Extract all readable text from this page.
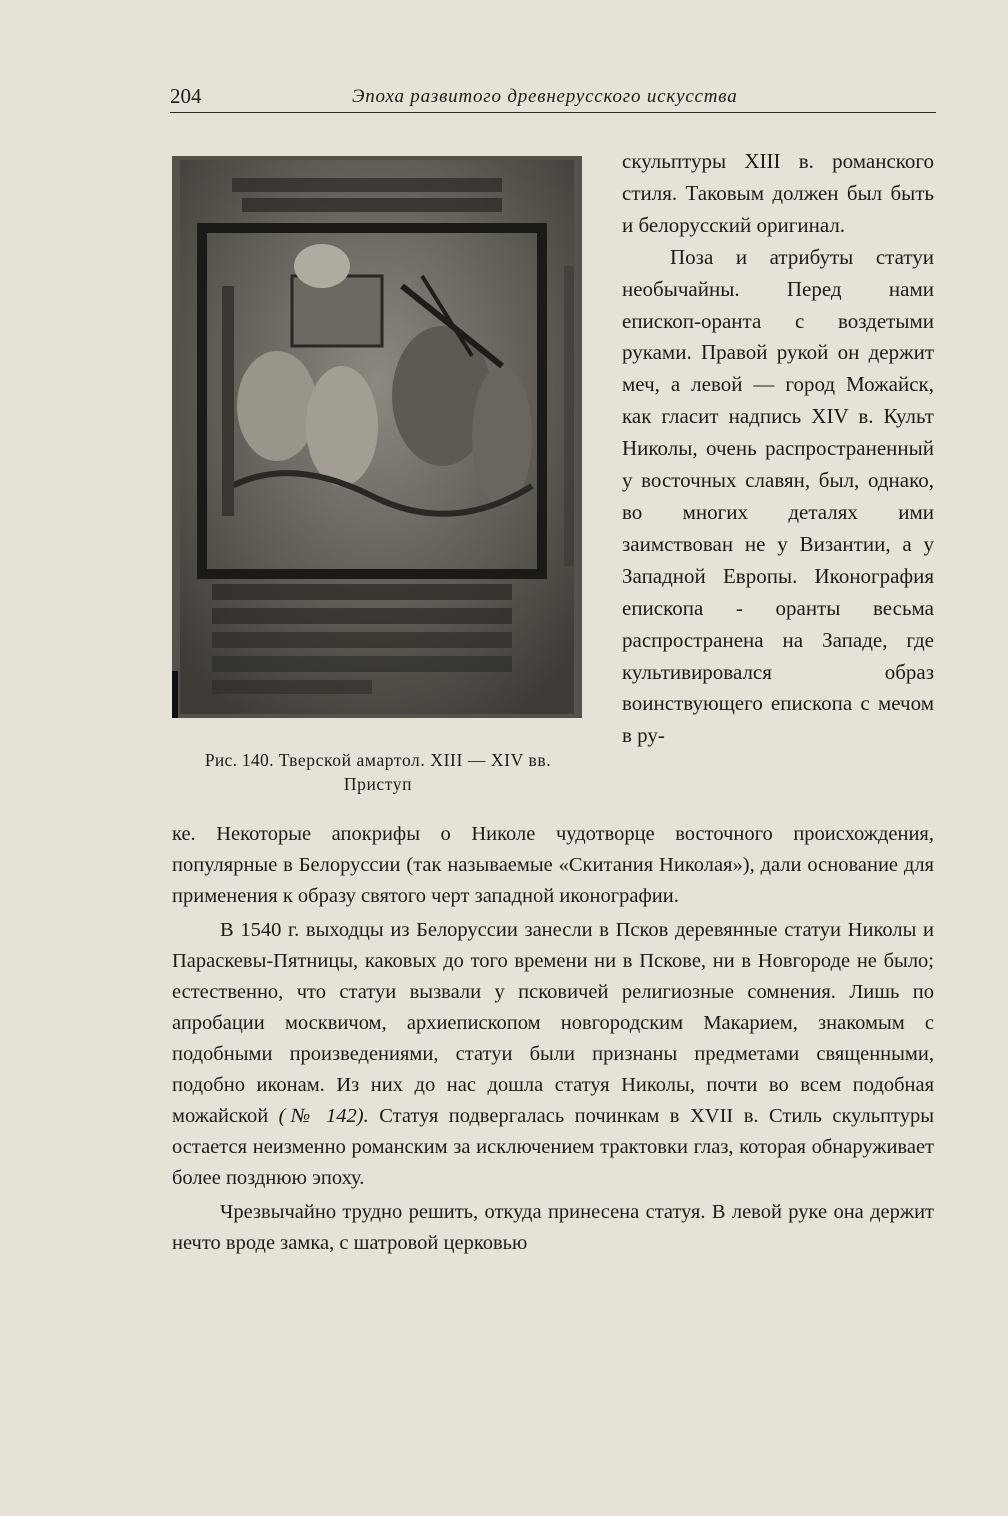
204	Эпоха развитого древнерусского искусства
Рис. 140. Тверской амартол. XIII — XIV вв.
Приступ

скульптуры XIII в. романского стиля. Таковым должен был быть и белорусский оригинал.

Поза и атрибуты статуи необычайны. Перед нами епископ-оранта с воздетыми руками. Правой рукой он держит меч, а левой — город Можайск, как гласит надпись XIV в. Культ Николы, очень распространенный у восточных славян, был, однако, во многих деталях ими заимствован не у Византии, а у Западной Европы. Иконография епископа - оранты весьма распространена на Западе, где культивировался образ воинствующего епископа с мечом в ру-

ке. Некоторые апокрифы о Николе чудотворце восточного происхождения, популярные в Белоруссии (так называемые «Скитания Николая»), дали основание для применения к образу святого черт западной иконографии.

В 1540 г. выходцы из Белоруссии занесли в Псков деревянные статуи Николы и Параскевы-Пятницы, каковых до того времени ни в Пскове, ни в Новгороде не было; естественно, что статуи вызвали у псковичей религиозные сомнения. Лишь по апробации москвичом, архиепископом новгородским Макарием, знакомым с подобными произведениями, статуи были признаны предметами священными, подобно иконам. Из них до нас дошла статуя Николы, почти во всем подобная можайской (№ 142). Статуя подвергалась починкам в XVII в. Стиль скульптуры остается неизменно романским за исключением трактовки глаз, которая обнаруживает более позднюю эпоху.

Чрезвычайно трудно решить, откуда принесена статуя. В левой руке она держит нечто вроде замка, с шатровой церковью
